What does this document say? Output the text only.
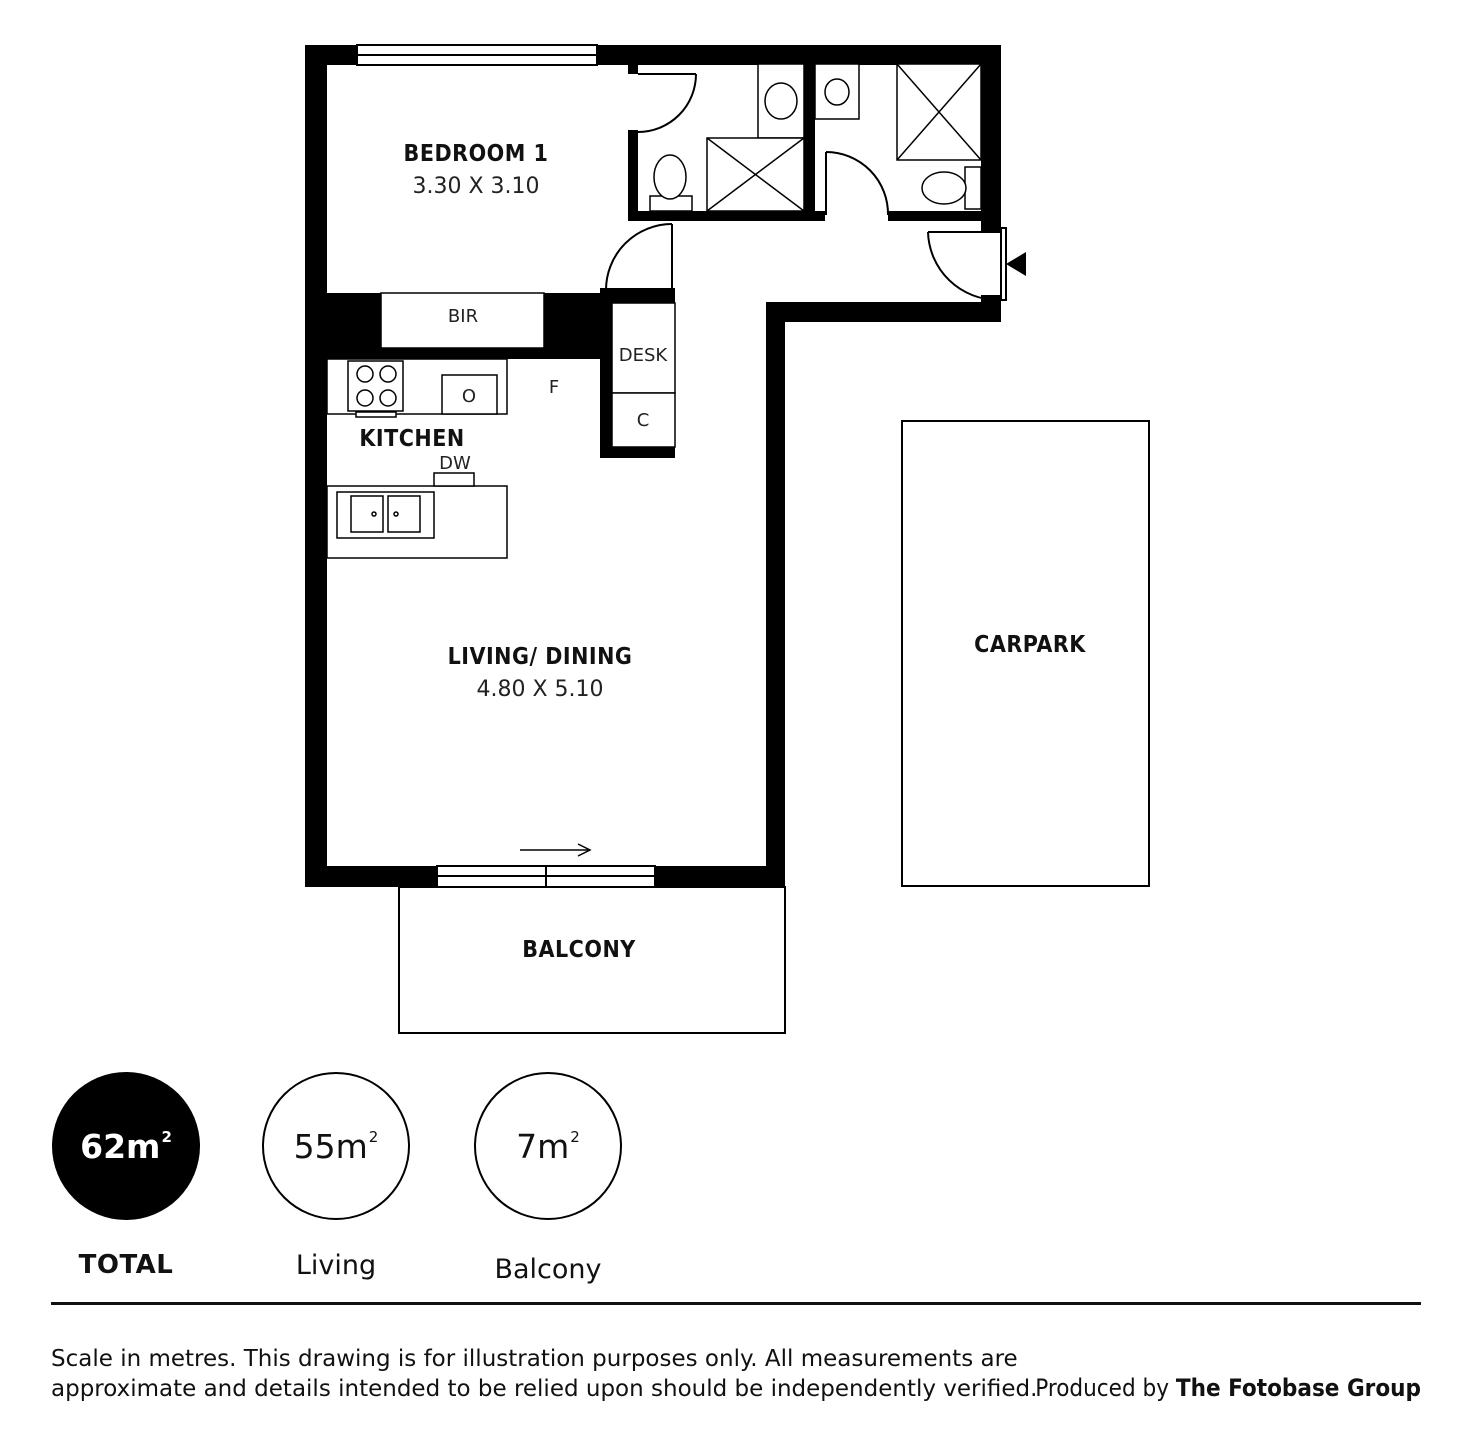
BEDROOM 1
3.30 X 3.10
BIR
DESK
C
F
O
DW
KITCHEN
LIVING/ DINING
4.80 X 5.10
BALCONY
CARPARK
$62m^2$	$55m^2$	$7m^2$
TOTAL	Living	Balcony
Scale in metres. This drawing is for illustration purposes only. All measurements are approximate and details intended to be relied upon should be independently verified.
Produced by The Fotobase Group
